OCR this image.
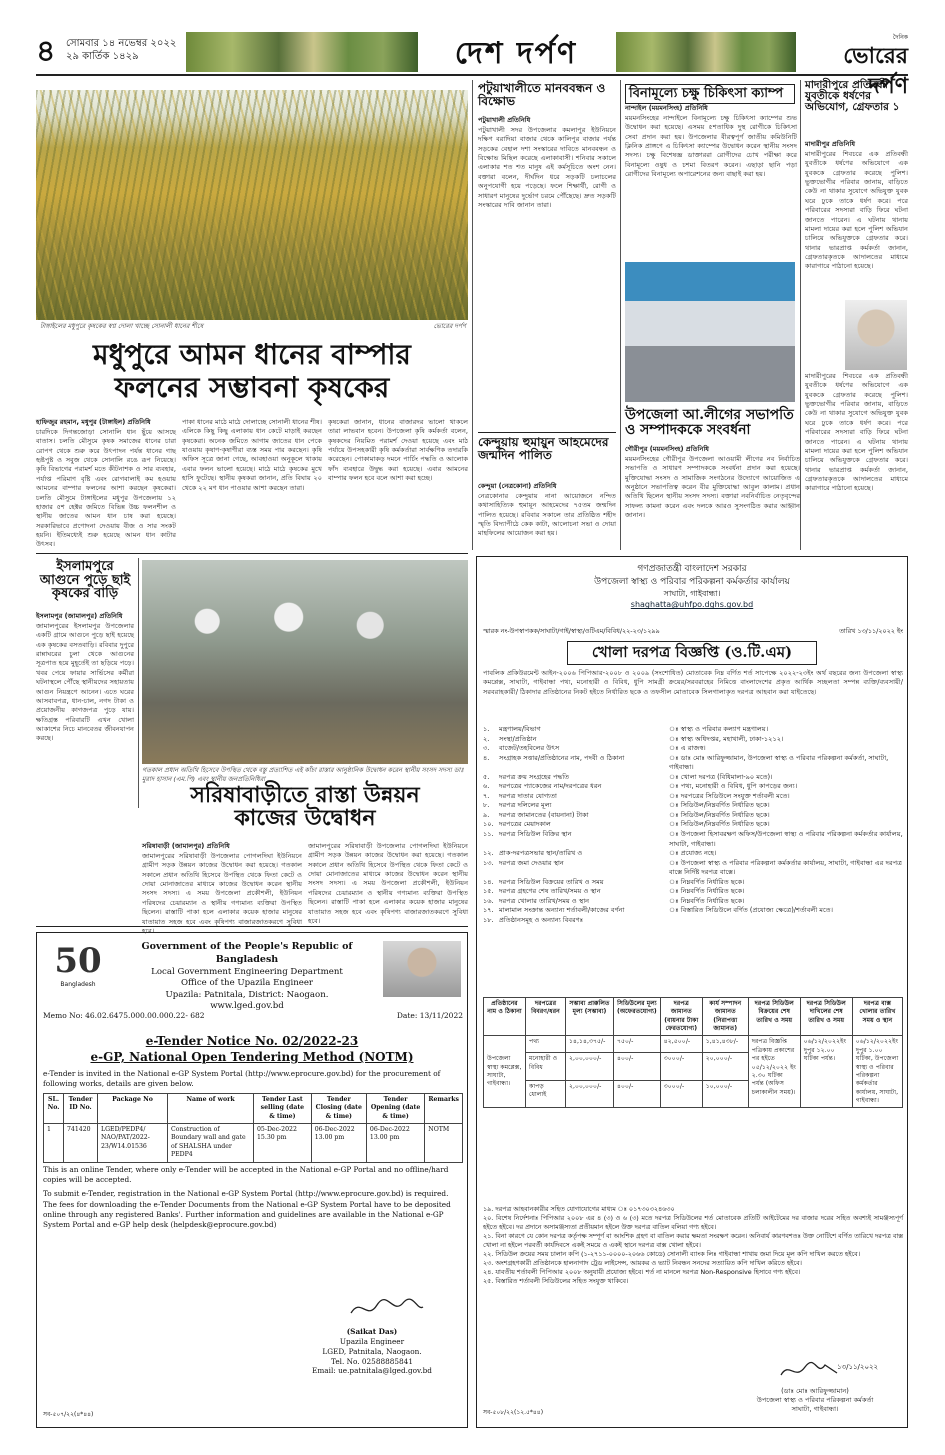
৪	সোমবার ১৪ নভেম্বর ২০২২
২৯ কার্তিক ১৪২৯	দেশ দর্পণ	দৈনিক
ভোরের দর্পণ
টাঙ্গাইলের মধুপুরে কৃষকের স্বপ্ন দোলা খাচ্ছে সোনালী ধানের শীষে	ভোরের দর্পণ
পটুয়াখালীতে মানববন্ধন ও বিক্ষোভ
পটুয়াখালী প্রতিনিধি
পটুয়াখালী সদর উপজেলার কমলাপুর ইউনিয়নে দক্ষিণ বরাদিয়া বাজার থেকে কালিপুর বাজার পর্যন্ত সড়কের বেহাল দশা সংস্কারের দাবিতে মানববন্ধন ও বিক্ষোভ মিছিল করেছে এলাকাবাসী। শনিবার সকালে এলাকার শত শত মানুষ এই কর্মসূচিতে অংশ নেন। বক্তারা বলেন, দীর্ঘদিন ধরে সড়কটি চলাচলের অনুপযোগী হয়ে পড়েছে। ফলে শিক্ষার্থী, রোগী ও সাধারণ মানুষের দুর্ভোগ চরমে পৌঁছেছে। দ্রুত সড়কটি সংস্কারের দাবি জানান তারা।
কেন্দুয়ায় হুমায়ুন আহমেদের জন্মদিন পালিত
কেন্দুয়া (নেত্রকোনা) প্রতিনিধি
নেত্রকোনার কেন্দুয়ায় নানা আয়োজনে নন্দিত কথাসাহিত্যিক হুমায়ূন আহমেদের ৭৫তম জন্মদিন পালিত হয়েছে। রবিবার সকালে তার প্রতিষ্ঠিত শহীদ স্মৃতি বিদ্যাপীঠে কেক কাটা, আলোচনা সভা ও দোয়া মাহফিলের আয়োজন করা হয়।
বিনামূল্যে চক্ষু চিকিৎসা ক্যাম্প
নান্দাইল (ময়মনসিংহ) প্রতিনিধি
ময়মনসিংহের নান্দাইলে বিনামূল্যে চক্ষু চিকিৎসা ক্যাম্পের শুভ উদ্বোধন করা হয়েছে। এসময় ৫শতাধিক দুস্থ রোগীকে চিকিৎসা সেবা প্রদান করা হয়। উপজেলার বীরত্বপূর্ণ জাতীয় কমিউনিটি ক্লিনিক প্রাঙ্গণে এ চিকিৎসা ক্যাম্পের উদ্বোধন করেন স্থানীয় সংসদ সদস্য। চক্ষু বিশেষজ্ঞ ডাক্তাররা রোগীদের চোখ পরীক্ষা করে বিনামূল্যে ওষুধ ও চশমা বিতরণ করেন। এছাড়া ছানি পড়া রোগীদের বিনামূল্যে অপারেশনের জন্য বাছাই করা হয়।
মাদারীপুরে প্রতিবন্ধী যুবতীকে ধর্ষণের অভিযোগ, গ্রেফতার ১
মাদারীপুর প্রতিনিধি
মাদারীপুরের শিবচরে এক প্রতিবন্ধী যুবতীকে ধর্ষণের অভিযোগে এক যুবককে গ্রেফতার করেছে পুলিশ। ভুক্তভোগীর পরিবার জানায়, বাড়িতে কেউ না থাকার সুযোগে অভিযুক্ত যুবক ঘরে ঢুকে তাকে ধর্ষণ করে। পরে পরিবারের সদস্যরা বাড়ি ফিরে ঘটনা জানতে পারেন। এ ঘটনায় থানায় মামলা দায়ের করা হলে পুলিশ অভিযান চালিয়ে অভিযুক্তকে গ্রেফতার করে। থানার ভারপ্রাপ্ত কর্মকর্তা জানান, গ্রেফতারকৃতকে আদালতের মাধ্যমে কারাগারে পাঠানো হয়েছে।
মাদারীপুরের শিবচরে এক প্রতিবন্ধী যুবতীকে ধর্ষণের অভিযোগে এক যুবককে গ্রেফতার করেছে পুলিশ। ভুক্তভোগীর পরিবার জানায়, বাড়িতে কেউ না থাকার সুযোগে অভিযুক্ত যুবক ঘরে ঢুকে তাকে ধর্ষণ করে। পরে পরিবারের সদস্যরা বাড়ি ফিরে ঘটনা জানতে পারেন। এ ঘটনায় থানায় মামলা দায়ের করা হলে পুলিশ অভিযান চালিয়ে অভিযুক্তকে গ্রেফতার করে। থানার ভারপ্রাপ্ত কর্মকর্তা জানান, গ্রেফতারকৃতকে আদালতের মাধ্যমে কারাগারে পাঠানো হয়েছে।
উপজেলা আ.লীগের সভাপতি ও সম্পাদককে সংবর্ধনা
গৌরীপুর (ময়মনসিংহ) প্রতিনিধি
ময়মনসিংহের গৌরীপুর উপজেলা আওয়ামী লীগের নব নির্বাচিত সভাপতি ও সাধারণ সম্পাদককে সংবর্ধনা প্রদান করা হয়েছে। মুক্তিযোদ্ধা সংসদ ও সামাজিক সংগঠনের উদ্যোগে আয়োজিত এ অনুষ্ঠানে সভাপতিত্ব করেন বীর মুক্তিযোদ্ধা আবুল কালাম। প্রধান অতিথি ছিলেন স্থানীয় সংসদ সদস্য। বক্তারা নবনির্বাচিত নেতৃবৃন্দের সাফল্য কামনা করেন এবং দলকে আরও সুসংগঠিত করার আহ্বান জানান।
মধুপুরে আমন ধানের বাম্পার
ফলনের সম্ভাবনা কৃষকের
হাফিজুর রহমান, মধুপুর (টাঙ্গাইল) প্রতিনিধি
চারদিকে দিগন্তজোড়া সোনালি ধান ছুঁয়ে আসছে বাতাস। চলতি মৌসুমে কৃষক সমাজের ধানের চারা রোপণ থেকে শুরু করে উৎপাদন পর্যন্ত ধানের গাছ হৃষ্টপুষ্ট ও সবুজ থেকে সোনালি রঙে রূপ নিয়েছে। কৃষি বিভাগের পরামর্শ মতে কীটনাশক ও সার ব্যবহার, পর্যাপ্ত পরিমাণ বৃষ্টি এবং রোগবালাই কম হওয়ায় আমনের বাম্পার ফলনের আশা করছেন কৃষকেরা। চলতি মৌসুমে টাঙ্গাইলের মধুপুর উপজেলায় ১২ হাজার ৫শ হেক্টর জমিতে বিভিন্ন উচ্চ ফলনশীল ও স্থানীয় জাতের আমন ধান চাষ করা হয়েছে। সরকারিভাবে প্রণোদনা দেওয়ায় বীজ ও সার সংকট হয়নি। ইতিমধ্যেই শুরু হয়েছে আমন ধান কাটার উৎসব।
পাকা ধানের মাঠে মাঠে দোলাচ্ছে সোনালী ধানের শীষ। এলিকে কিছু কিছু এলাকায় ধান কেটে মাড়াই করছেন কৃষকেরা। অনেক জমিতে আগাম জাতের ধান পেকে যাওয়ায় কৃষাণ-কৃষাণীরা ব্যস্ত সময় পার করছেন। কৃষি অফিস সূত্রে জানা গেছে, আবহাওয়া অনুকূলে থাকায় এবার ফলন ভালো হয়েছে। মাঠে মাঠে কৃষকের মুখে হাসি ফুটেছে। স্থানীয় কৃষকরা জানান, প্রতি বিঘায় ২০ থেকে ২২ মণ ধান পাওয়ার আশা করছেন তারা।
কৃষকেরা জানান, ধানের বাজারদর ভালো থাকলে তারা লাভবান হবেন। উপজেলা কৃষি কর্মকর্তা বলেন, কৃষকদের নিয়মিত পরামর্শ দেওয়া হয়েছে এবং মাঠ পর্যায়ে উপসহকারী কৃষি কর্মকর্তারা সার্বক্ষণিক তদারকি করেছেন। পোকামাকড় দমনে পার্চিং পদ্ধতি ও আলোক ফাঁদ ব্যবহারে উদ্বুদ্ধ করা হয়েছে। এবার আমনের বাম্পার ফলন হবে বলে আশা করা হচ্ছে।
ইসলামপুরে আগুনে পুড়ে ছাই কৃষকের বাড়ি
ইসলামপুর (জামালপুর) প্রতিনিধি
জামালপুরের ইসলামপুর উপজেলার একটি গ্রামে আগুনে পুড়ে ছাই হয়েছে এক কৃষকের বসতবাড়ি। রবিবার দুপুরে রান্নাঘরের চুলা থেকে আগুনের সূত্রপাত হয়ে মুহূর্তেই তা ছড়িয়ে পড়ে। খবর পেয়ে ফায়ার সার্ভিসের কর্মীরা ঘটনাস্থলে পৌঁছে স্থানীয়দের সহায়তায় আগুন নিয়ন্ত্রণে আনেন। এতে ঘরের আসবাবপত্র, ধান-চাল, নগদ টাকা ও প্রয়োজনীয় কাগজপত্র পুড়ে যায়। ক্ষতিগ্রস্ত পরিবারটি এখন খোলা আকাশের নিচে মানবেতর জীবনযাপন করছে।
গতকাল প্রধান অতিথি হিসেবে উপস্থিত থেকে বস্তু প্রত্যাশিত এই কাঁচা রাস্তার আনুষ্ঠানিক উদ্বোধন করেন স্থানীয় সংসদ সদস্য ডাঃ মুরাদ হাসান (এম.পি) এবং স্থানীয় জনপ্রতিনিধিরা
সরিষাবাড়ীতে রাস্তা উন্নয়ন
কাজের উদ্বোধন
সরিষাবাড়ী (জামালপুর) প্রতিনিধি
জামালপুরের সরিষাবাড়ী উপজেলার পোগলদিঘা ইউনিয়নে গ্রামীণ সড়ক উন্নয়ন কাজের উদ্বোধন করা হয়েছে। গতকাল সকালে প্রধান অতিথি হিসেবে উপস্থিত থেকে ফিতা কেটে ও দোয়া মোনাজাতের মাধ্যমে কাজের উদ্বোধন করেন স্থানীয় সংসদ সদস্য। এ সময় উপজেলা প্রকৌশলী, ইউনিয়ন পরিষদের চেয়ারম্যান ও স্থানীয় গণ্যমান্য ব্যক্তিরা উপস্থিত ছিলেন। রাস্তাটি পাকা হলে এলাকার কয়েক হাজার মানুষের যাতায়াত সহজ হবে এবং কৃষিপণ্য বাজারজাতকরণে সুবিধা হবে।
জামালপুরের সরিষাবাড়ী উপজেলার পোগলদিঘা ইউনিয়নে গ্রামীণ সড়ক উন্নয়ন কাজের উদ্বোধন করা হয়েছে। গতকাল সকালে প্রধান অতিথি হিসেবে উপস্থিত থেকে ফিতা কেটে ও দোয়া মোনাজাতের মাধ্যমে কাজের উদ্বোধন করেন স্থানীয় সংসদ সদস্য। এ সময় উপজেলা প্রকৌশলী, ইউনিয়ন পরিষদের চেয়ারম্যান ও স্থানীয় গণ্যমান্য ব্যক্তিরা উপস্থিত ছিলেন। রাস্তাটি পাকা হলে এলাকার কয়েক হাজার মানুষের যাতায়াত সহজ হবে এবং কৃষিপণ্য বাজারজাতকরণে সুবিধা হবে।
50
Bangladesh
Government of the People's Republic of Bangladesh
Local Government Engineering Department
Office of the Upazila Engineer
Upazila: Patnitala, District: Naogaon.
www.lged.gov.bd
Memo No: 46.02.6475.000.00.000.22- 682	Date: 13/11/2022
e-Tender Notice No. 02/2022-23
e-GP, National Open Tendering Method (NOTM)
e-Tender is invited in the National e-GP System Portal (http://www.eprocure.gov.bd) for the procurement of following works, details are given below.
SL. No.	Tender ID No.	Package No	Name of work	Tender Last selling (date & time)	Tender Closing (date & time)	Tender Opening (date & time)	Remarks
1	741420	LGED/PEDP4/ NAO/PAT/2022-23/W14.01536	Construction of Boundary wall and gate of SHALSHA under PEDP4	05-Dec-2022 15.30 pm	06-Dec-2022 13.00 pm	06-Dec-2022 13.00 pm	NOTM
This is an online Tender, where only e-Tender will be accepted in the National e-GP Portal and no offline/hard copies will be accepted.
To submit e-Tender, registration in the National e-GP System Portal (http://www.eprocure.gov.bd) is required.
The fees for downloading the e-Tender Documents from the National e-GP System Portal have to be deposited online through any registered Banks'. Further information and guidelines are available in the National e-GP System Portal and e-GP help desk (helpdesk@eprocure.gov.bd)
(Saikat Das)
Upazila Engineer
LGED, Patnitala, Naogaon.
Tel. No. 02588885841
Email: ue.patnitala@lged.gov.bd
সব-৫০৭/২২(৪*৪৪)
গণপ্রজাতন্ত্রী বাংলাদেশ সরকার
উপজেলা স্বাস্থ্য ও পরিবার পরিকল্পনা কর্মকর্তার কার্যালয়
সাঘাটা, গাইবান্ধা।
shaghatta@uhfpo.dghs.gov.bd
স্মারক নং-উপস্বাপকক/সাঘাটা/গাই/স্বাস্থ্য/ওটিএম/বিবিধ/২২-২৩/১২৯৯	তারিখ ১৩/১১/২০২২ ইং
খোলা দরপত্র বিজ্ঞপ্তি (ও.টি.এম)
পাবলিক প্রকিউরমেন্ট আইন-২০০৬ পিপিআর-২০০৮ ও ২০০৯ (সংশোধিত) মোতাবেক নিম্ন বর্ণিত শর্ত সাপেক্ষে ২০২২-২৩ইং অর্থ বছরের জন্য উপজেলা স্বাস্থ্য কমপ্লেক্স, সাঘাটা, গাইবান্ধা পথ্য, মনোহারী ও বিবিধ, ধুপি সামগ্রী ক্রয়ের/সরবরাহের নিমিত্তে বাংলাদেশের প্রকৃত আর্থিক সচ্ছলতা সম্পন্ন ব্যক্তি/ব্যবসায়ী/সরবরাহকারী/ ঠিকাদার প্রতিষ্ঠানের নিকট হইতে নির্ধারিত ছকে ও তফসীল মোতাবেক সিলগালাকৃত দরপত্র আহবান করা যাইতেছে।
১.	মন্ত্রণালয়/বিভাগ	ঃ স্বাস্থ্য ও পরিবার কল্যাণ মন্ত্রণালয়।
২.	সংস্থা/প্রতিষ্ঠান	ঃ স্বাস্থ্য অধিদপ্তর, মহাখালী, ঢাকা-১২১২।
৩.	বাজেট/তহবিলের উৎস	ঃ এ রাজস্ব।
৪.	সংগ্রাহক সত্তার/প্রতিষ্ঠানের নাম, পদবী ও ঠিকানা	ঃ ডাঃ মোঃ আরিফুজ্জামান, উপজেলা স্বাস্থ্য ও পরিবার পরিকল্পনা কর্মকর্তা, সাঘাটা, গাইবান্ধা।
৫.	দরপত্র ক্রয় সংগ্রহের পদ্ধতি	ঃ খোলা দরপত্র (বিধিমালা-৯০ মতে)।
৬.	দরপত্রের প্যাকেজের নাম/দরপত্রের ধরন	ঃ পথ্য, মনোহারী ও বিবিধ, ধুপি কাপড়ের জন্য।
৭.	দরপত্র দাতার যোগ্যতা	ঃ দরপত্রের সিডিউলে সংযুক্ত শর্তাবলী মতে।
৮.	দরপত্র দলিলের মূল্য	ঃ সিডিউল/নিম্নবর্ণিত নির্ধারিত ছকে।
৯.	দরপত্র জামানতের (বায়নানা) টাকা	ঃ সিডিউল/নিম্নবর্ণিত নির্ধারিত ছকে।
১০. দরপত্রের মেয়াদকাল	ঃ সিডিউল/নিম্নবর্ণিত নির্ধারিত ছকে।
১১. দরপত্র সিডিউল বিক্রির স্থান	ঃ উপজেলা হিসাবরক্ষণ অফিস/উপজেলা স্বাস্থ্য ও পরিবার পরিকল্পনা কর্মকর্তার কার্যালয়, সাঘাটা, গাইবান্ধা।
১২. প্রাক-দরপত্রসভার স্থান/তারিখ ও	ঃ প্রযোজ্য নহে।
১৩. দরপত্র জমা দেওয়ার স্থান	ঃ উপজেলা স্বাস্থ্য ও পরিবার পরিকল্পনা কর্মকর্তার কার্যালয়, সাঘাটা, গাইবান্ধা এর দরপত্র বাক্সে নির্দিষ্ট দরপত্র বাক্সে।
১৪. দরপত্র সিডিউল বিক্রয়ের তারিখ ও সময়	ঃ নিম্নবর্ণিত নির্ধারিত ছকে।
১৫. দরপত্র গ্রহণের শেষ তারিখ/সময় ও স্থান	ঃ নিম্নবর্ণিত নির্ধারিত ছকে।
১৬. দরপত্র খোলার তারিখ/সময় ও স্থান	ঃ নিম্নবর্ণিত নির্ধারিত ছকে।
১৭. মালামাল সংক্রান্ত অন্যান্য শর্তাবলী/কাজের বর্ণনা	ঃ বিস্তারিত সিডিউলে বর্ণিত (প্রযোজ্য ক্ষেত্রে)/শর্তাবলী মতে।
১৮. প্রতিষ্ঠানসমূহ ও অন্যান্য বিবরণঃ
প্রতিষ্ঠানের নাম ও ঠিকানা	দরপত্রের বিবরণ/ধরন	সম্ভাব্য প্রাক্কলিত মূল্য (সম্ভাব্য)	সিডিউলের মূল্য (অফেরতযোগ্য)	দরপত্র জামানত (বায়নার টাকা ফেরতযোগ্য)	কার্য সম্পাদন জামানত (নিরাপত্তা জামানত)	দরপত্র সিডিউল বিক্রয়ের শেষ তারিখ ও সময়	দরপত্র সিডিউল দাখিলের শেষ তারিখ ও সময়	দরপত্র বাক্স খোলার তারিখ সময় ও স্থান
উপজেলা স্বাস্থ্য কমপ্লেক্স, সাঘাটা, গাইবান্ধা।	পথ্য	১৪,১৪,৩৭৫/-	৭৫০/-	৪২,৫০০/-	১,৪১,৪৩৮/-	দরপত্র বিজ্ঞপ্তি পত্রিকায় প্রকাশের পর হইতে ০৫/১২/২০২২ ইং ২.৩০ ঘটিকা পর্যন্ত (অফিস চলাকালীন সময়)।	০৬/১২/২০২২ইং দুপুর ১২.০০ ঘটিকা পর্যন্ত।	০৬/১২/২০২২ইং দুপুর ১.০০ ঘটিকা, উপজেলা স্বাস্থ্য ও পরিবার পরিকল্পনা কর্মকর্তার কার্যালয়, সাঘাটা, গাইবান্ধা।
	মনোহারী ও বিবিধ	২,০০,০০০/-	৪০০/-	৩০০০/-	২০,০০০/-			
	কাপড় ধোলাই	২,০০,০০০/-	৪০০/-	৩০০০/-	১০,০০০/-			
১৯. দরপত্র আহবানকারীর সহিত যোগাযোগের মাধ্যম ঃ ০১৭৩০৩২৪৬৩০
২০. বিশেষ নির্দেশনাঃ পিপিআর ২০০৮ এর ৪ (৩) ও ৬ (৩) মতে দরপত্র সিডিউলের শর্ত মোতাবেক প্রতিটি আইটেমের দর বাজার দরের সহিত অবশ্যই সামঞ্জস্যপূর্ণ হইতে হইবে। দর প্রদানে অসামঞ্জস্যতা প্রতীয়মান হইলে উক্ত দরপত্র বাতিল বলিয়া গণ্য হইবে।
২১. বিনা কারণে যে কোন দরপত্র কর্তৃপক্ষ সম্পূর্ণ বা আংশিক গ্রহণ বা বাতিল করার ক্ষমতা সংরক্ষণ করেন। অনিবার্য কারণবশতঃ উক্ত নোটিশে বর্ণিত তারিখে দরপত্র বাক্স খোলা না হইলে পরবর্তী কার্যদিবসে একই সময়ে ও একই স্থানে দরপত্র বাক্স খোলা হইবে।
২২. সিডিউল ক্রয়ের সময় চালান কপি (১-২৭১১-০০০০-২০৬৬ কোডে) সোনালী ব্যাংক লিঃ গাইবান্ধা শাখায় জমা দিয়ে মূল কপি দাখিল করতে হইবে।
২৩. অংশগ্রহণকারী প্রতিষ্ঠানকে হালনাগাদ ট্রেড লাইসেন্স, আয়কর ও ভ্যাট নিবন্ধন সনদের সত্যায়িত কপি দাখিল করিতে হইবে।
২৪. যাবতীয় শর্তাবলী পিপিআর ২০০৮ অনুযায়ী প্রযোজ্য হইবে। শর্ত না মানলে দরপত্র Non-Responsive হিসাবে গণ্য হইবে।
২৫. বিস্তারিত শর্তাবলী সিডিউলের সহিত সংযুক্ত থাকিবে।
১৩/১১/২০২২
(ডাঃ মোঃ আরিফুজ্জামান)
উপজেলা স্বাস্থ্য ও পরিবার পরিকল্পনা কর্মকর্তা
সাঘাটা, গাইবান্ধা।
সব-৫০৮/২২(১২.৫*৪৪)
